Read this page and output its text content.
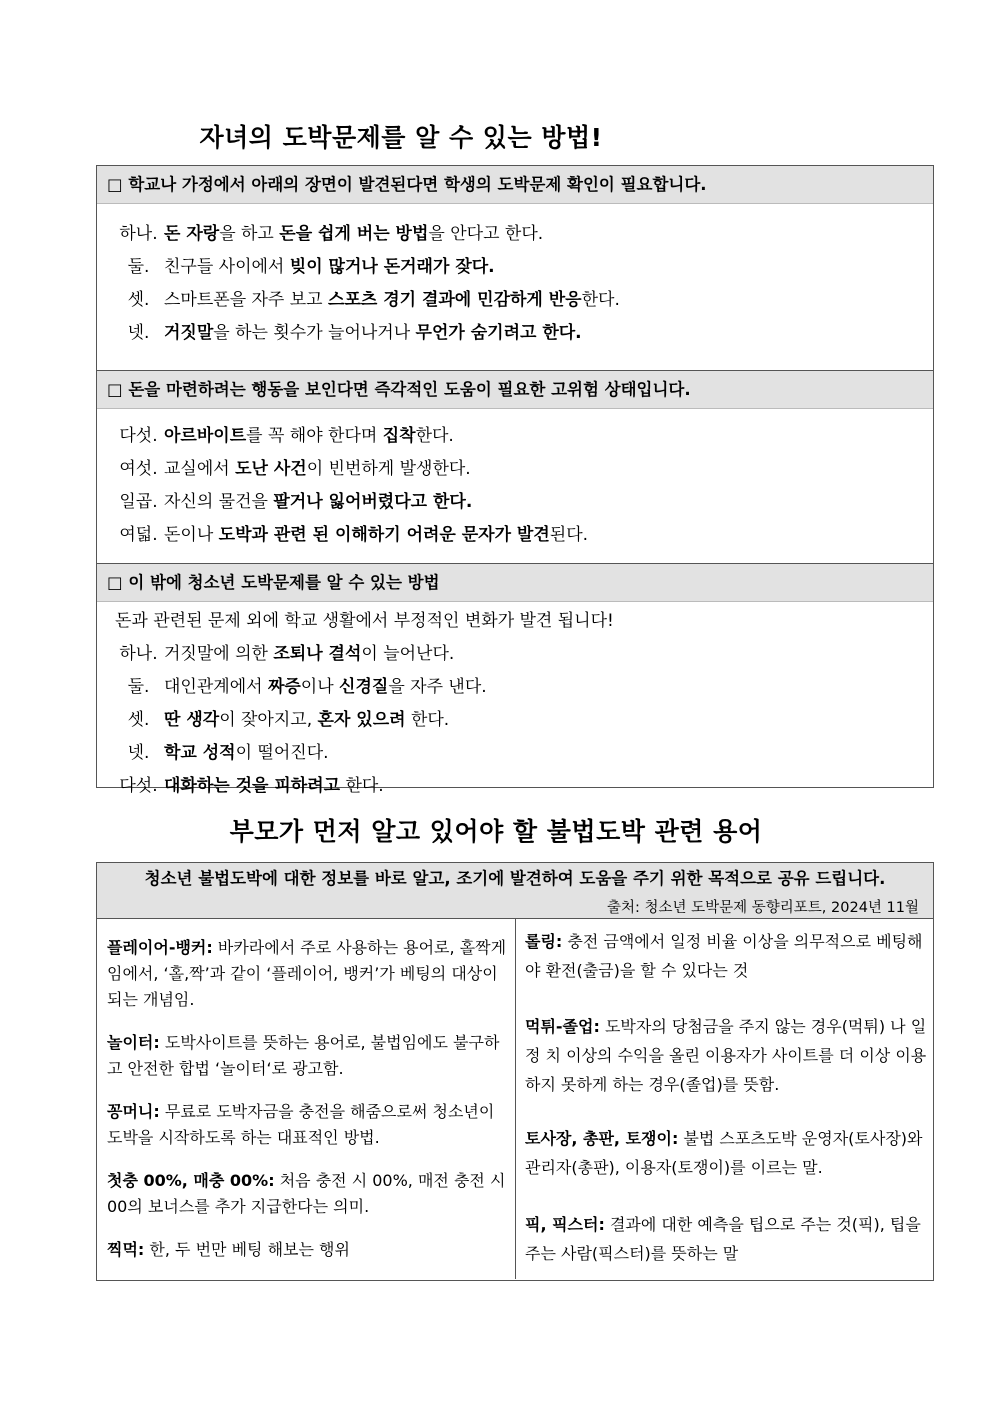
자녀의 도박문제를 알 수 있는 방법!
□ 학교나 가정에서 아래의 장면이 발견된다면 학생의 도박문제 확인이 필요합니다.
하나. 돈 자랑을 하고 돈을 쉽게 버는 방법을 안다고 한다.
둘. 친구들 사이에서 빚이 많거나 돈거래가 잦다.
셋. 스마트폰을 자주 보고 스포츠 경기 결과에 민감하게 반응한다.
넷. 거짓말을 하는 횟수가 늘어나거나 무언가 숨기려고 한다.
□ 돈을 마련하려는 행동을 보인다면 즉각적인 도움이 필요한 고위험 상태입니다.
다섯. 아르바이트를 꼭 해야 한다며 집착한다.
여섯. 교실에서 도난 사건이 빈번하게 발생한다.
일곱. 자신의 물건을 팔거나 잃어버렸다고 한다.
여덟. 돈이나 도박과 관련 된 이해하기 어려운 문자가 발견된다.
□ 이 밖에 청소년 도박문제를 알 수 있는 방법
돈과 관련된 문제 외에 학교 생활에서 부정적인 변화가 발견 됩니다!
하나. 거짓말에 의한 조퇴나 결석이 늘어난다.
둘. 대인관계에서 짜증이나 신경질을 자주 낸다.
셋. 딴 생각이 잦아지고, 혼자 있으려 한다.
넷. 학교 성적이 떨어진다.
다섯. 대화하는 것을 피하려고 한다.
부모가 먼저 알고 있어야 할 불법도박 관련 용어
청소년 불법도박에 대한 정보를 바로 알고, 조기에 발견하여 도움을 주기 위한 목적으로 공유 드립니다.
출처: 청소년 도박문제 동향리포트, 2024년 11월
플레이어-뱅커: 바카라에서 주로 사용하는 용어로, 홀짝게임에서, ‘홀,짝’과 같이 ‘플레이어, 뱅커’가 베팅의 대상이 되는 개념임.
놀이터: 도박사이트를 뜻하는 용어로, 불법임에도 불구하고 안전한 합법 ‘놀이터‘로 광고함.
꽁머니: 무료로 도박자금을 충전을 해줌으로써 청소년이 도박을 시작하도록 하는 대표적인 방법.
첫충 00%, 매충 00%: 처음 충전 시 00%, 매전 충전 시 00의 보너스를 추가 지급한다는 의미.
찍먹: 한, 두 번만 베팅 해보는 행위
롤링: 충전 금액에서 일정 비율 이상을 의무적으로 베팅해야 환전(출금)을 할 수 있다는 것
먹튀-졸업: 도박자의 당첨금을 주지 않는 경우(먹튀) 나 일정 치 이상의 수익을 올린 이용자가 사이트를 더 이상 이용하지 못하게 하는 경우(졸업)를 뜻함.
토사장, 총판, 토쟁이: 불법 스포츠도박 운영자(토사장)와 관리자(총판), 이용자(토쟁이)를 이르는 말.
픽, 픽스터: 결과에 대한 예측을 팁으로 주는 것(픽), 팁을 주는 사람(픽스터)를 뜻하는 말
